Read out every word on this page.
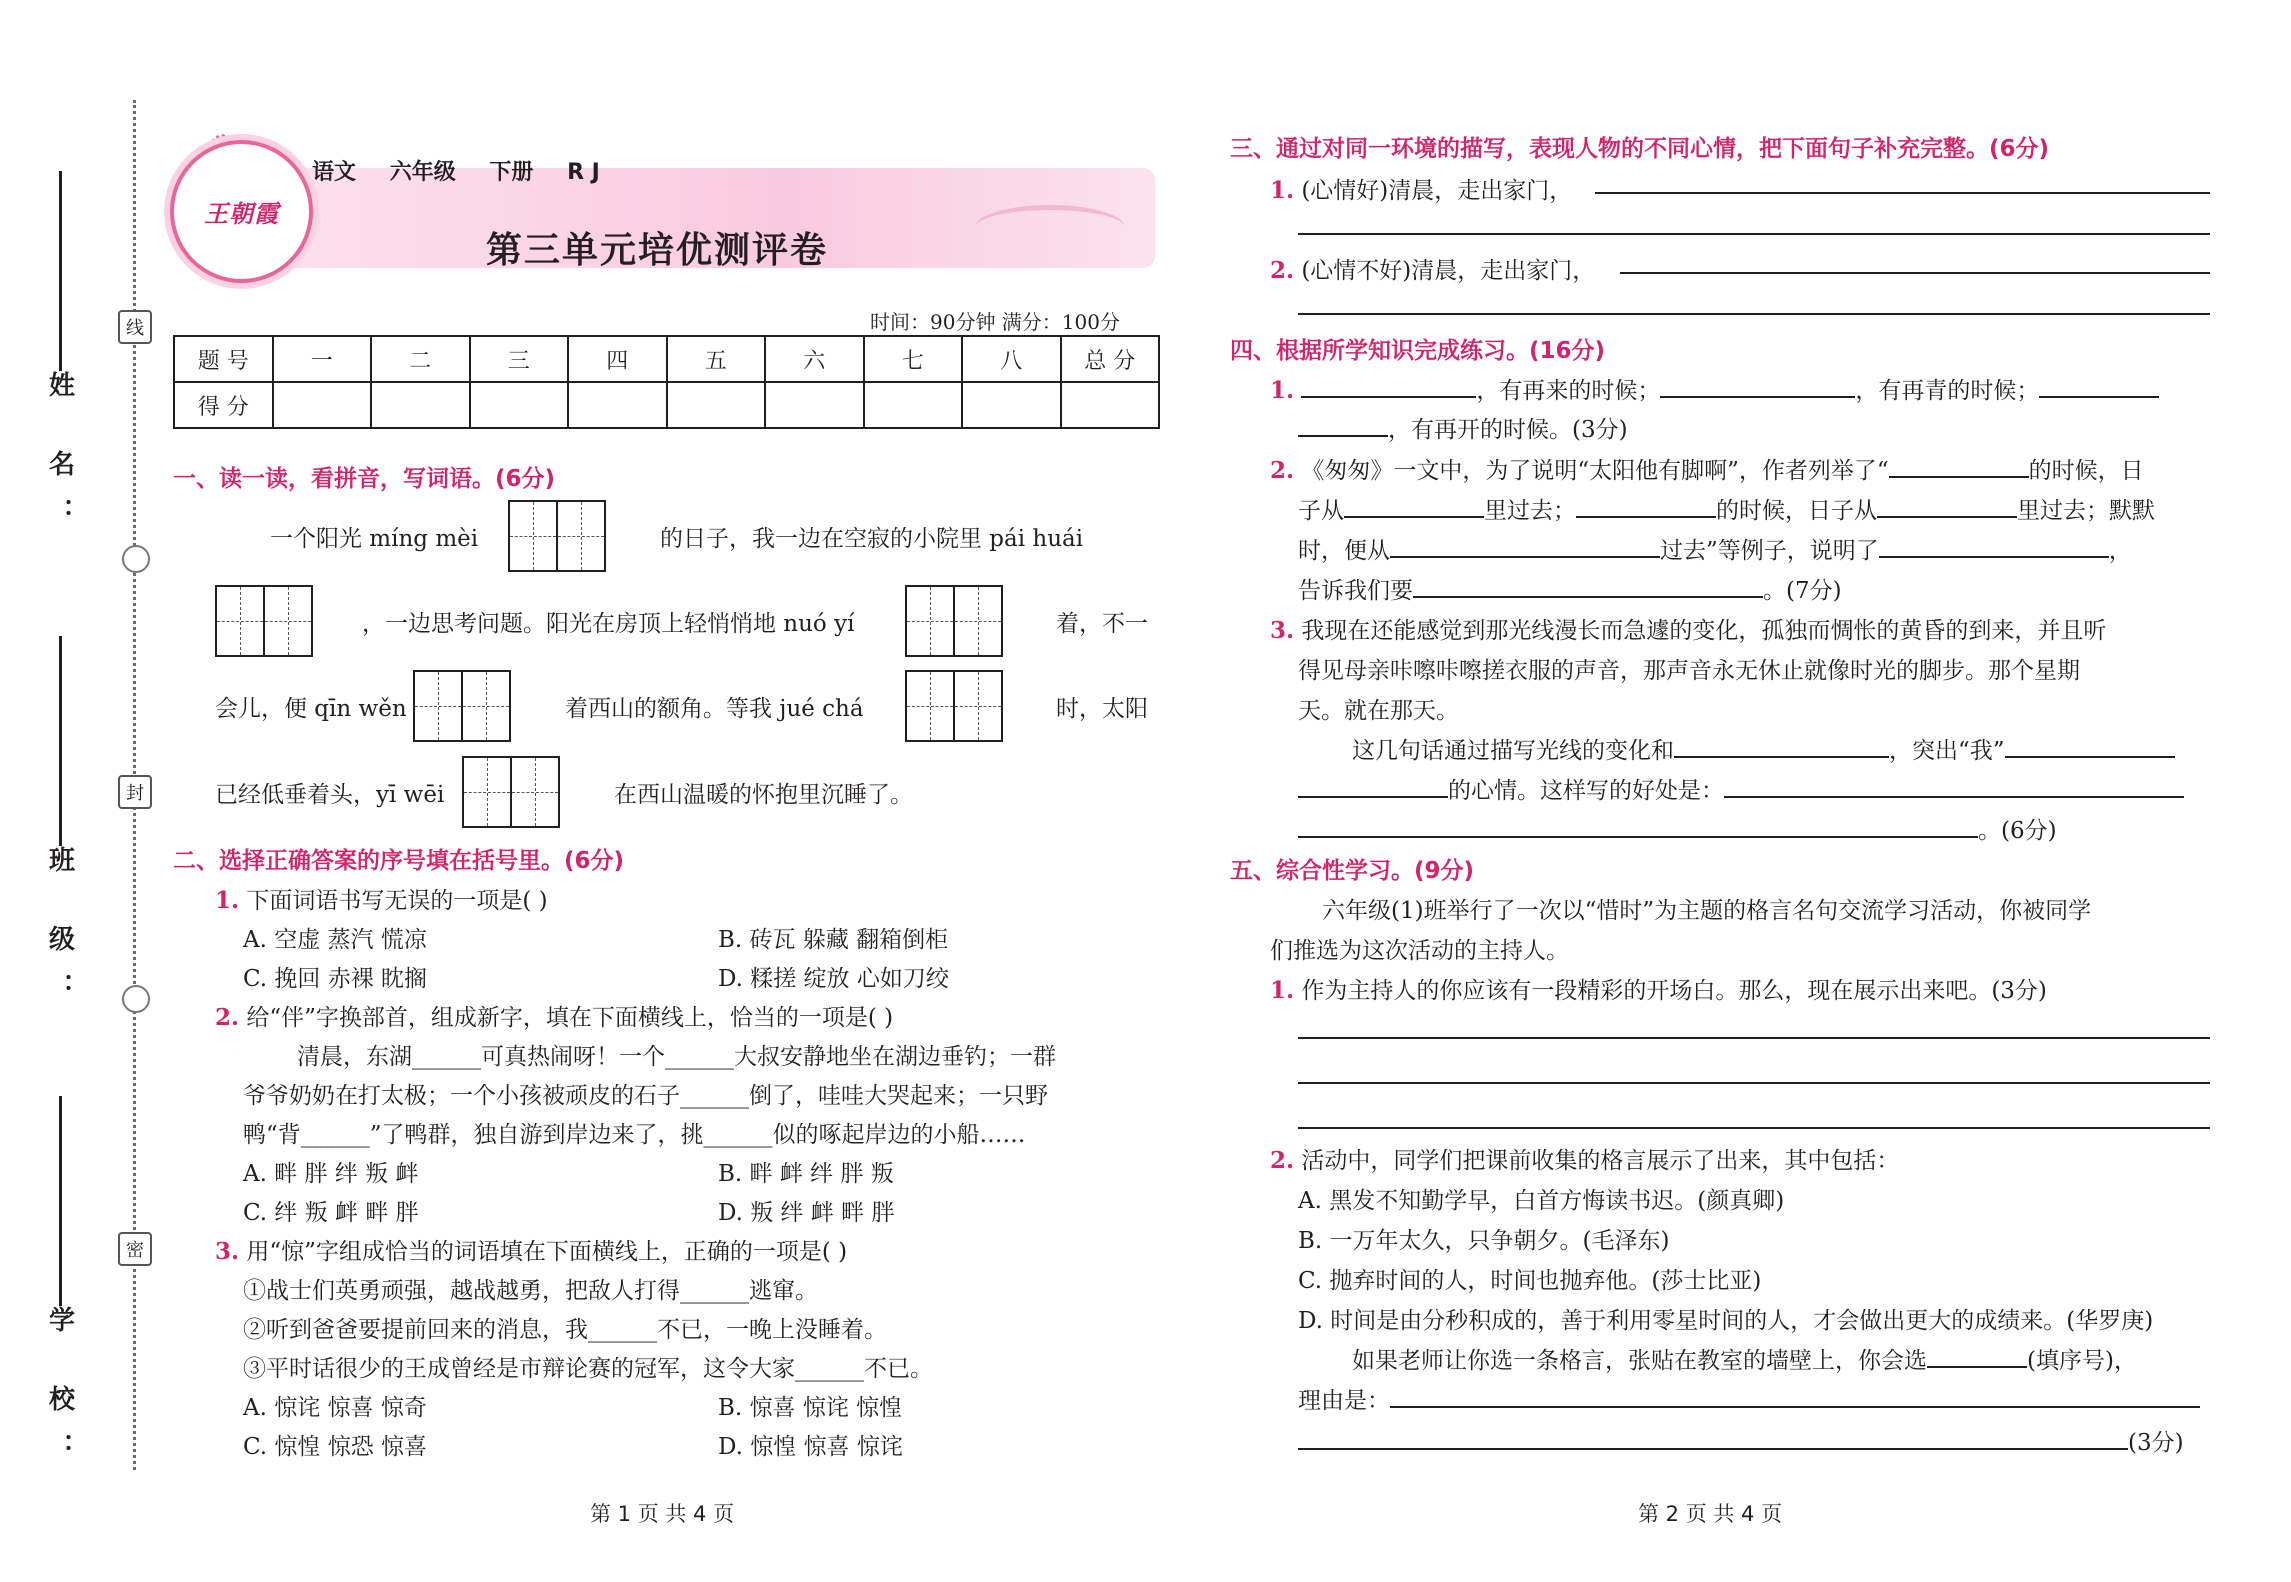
姓 名：
班 级：
学 校：
线
封
密
王朝霞
语文 六年级 下册 R J
第三单元培优测评卷
时间：90分钟 满分：100分
题 号	一	二	三	四	五	六	七	八	总 分
得 分									
一、读一读，看拼音，写词语。(6分)
一个阳光 míng mèi	的日子，我一边在空寂的小院里 pái huái
，一边思考问题。阳光在房顶上轻悄悄地 nuó yí	着，不一
会儿，便 qīn wěn	着西山的额角。等我 jué chá	时，太阳
已经低垂着头，yī wēi	在西山温暖的怀抱里沉睡了。
二、选择正确答案的序号填在括号里。(6分)
1. 下面词语书写无误的一项是( )
A. 空虚 蒸汽 慌凉	B. 砖瓦 躲藏 翻箱倒柜
C. 挽回 赤裸 眈搁	D. 糅搓 绽放 心如刀绞
2. 给“伴”字换部首，组成新字，填在下面横线上，恰当的一项是( )
清晨，东湖______可真热闹呀！一个______大叔安静地坐在湖边垂钓；一群
爷爷奶奶在打太极；一个小孩被顽皮的石子______倒了，哇哇大哭起来；一只野
鸭“背______”了鸭群，独自游到岸边来了，挑______似的啄起岸边的小船……
A. 畔 胖 绊 叛 衅	B. 畔 衅 绊 胖 叛
C. 绊 叛 衅 畔 胖	D. 叛 绊 衅 畔 胖
3. 用“惊”字组成恰当的词语填在下面横线上，正确的一项是( )
①战士们英勇顽强，越战越勇，把敌人打得______逃窜。
②听到爸爸要提前回来的消息，我______不已，一晚上没睡着。
③平时话很少的王成曾经是市辩论赛的冠军，这令大家______不已。
A. 惊诧 惊喜 惊奇	B. 惊喜 惊诧 惊惶
C. 惊惶 惊恐 惊喜	D. 惊惶 惊喜 惊诧
第 1 页 共 4 页
三、通过对同一环境的描写，表现人物的不同心情，把下面句子补充完整。(6分)
1. (心情好)清晨，走出家门，
2. (心情不好)清晨，走出家门，
四、根据所学知识完成练习。(16分)
1.	，有再来的时候；	，有再青的时候；
，有再开的时候。(3分)
2. 《匆匆》一文中，为了说明“太阳他有脚啊”，作者列举了“	的时候，日
子从	里过去；	的时候，日子从	里过去；默默
时，便从	过去”等例子，说明了	，
告诉我们要	。(7分)
3. 我现在还能感觉到那光线漫长而急遽的变化，孤独而惆怅的黄昏的到来，并且听
得见母亲咔嚓咔嚓搓衣服的声音，那声音永无休止就像时光的脚步。那个星期
天。就在那天。
这几句话通过描写光线的变化和	，突出“我”
的心情。这样写的好处是：
。(6分)
五、综合性学习。(9分)
六年级(1)班举行了一次以“惜时”为主题的格言名句交流学习活动，你被同学
们推选为这次活动的主持人。
1. 作为主持人的你应该有一段精彩的开场白。那么，现在展示出来吧。(3分)
2. 活动中，同学们把课前收集的格言展示了出来，其中包括：
A. 黑发不知勤学早，白首方悔读书迟。(颜真卿)
B. 一万年太久，只争朝夕。(毛泽东)
C. 抛弃时间的人，时间也抛弃他。(莎士比亚)
D. 时间是由分秒积成的，善于利用零星时间的人，才会做出更大的成绩来。(华罗庚)
如果老师让你选一条格言，张贴在教室的墙壁上，你会选	(填序号)，
理由是：
(3分)
第 2 页 共 4 页
